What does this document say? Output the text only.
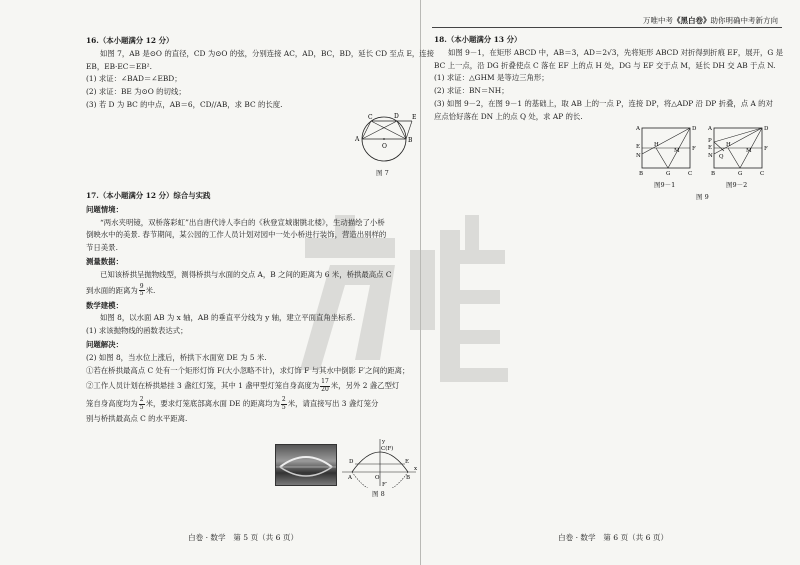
16.（本小题满分 12 分）

如图 7，AB 是⊙O 的直径，CD 为⊙O 的弦，分别连接 AC，AD，BC，BD，延长 CD 至点 E，连接

EB，EB·EC＝EB².

(1) 求证：∠BAD＝∠EBD；

(2) 求证：BE 为⊙O 的切线；

(3) 若 D 为 BC 的中点，AB＝6，CD//AB，求 BC 的长度.

C	D E
A	B
O
图 7

17.（本小题满分 12 分）综合与实践

问题情境：

“两水夹明镜，双桥落彩虹”出自唐代诗人李白的《秋登宣城谢朓北楼》，生动描绘了小桥

倒映水中的美景. 春节期间，某公园的工作人员计划对园中一处小桥进行装饰，营造出别样的

节日美景.

测量数据：

已知该桥拱呈抛物线型，测得桥拱与水面的交点 A，B 之间的距离为 6 米，桥拱最高点 C

到水面的距离为 $\frac{9}{5}$ 米.

数学建模：

如图 8，以水面 AB 为 x 轴，AB 的垂直平分线为 y 轴，建立平面直角坐标系.

(1) 求该抛物线的函数表达式；

问题解决：

(2) 如图 8，当水位上涨后，桥拱下水面宽 DE 为 5 米.

①若在桥拱最高点 C 处有一个矩形灯饰 F(大小忽略不计)，求灯饰 F 与其水中倒影 F′之间的距离；

②工作人员计划在桥拱悬挂 3 盏红灯笼，其中 1 盏甲型灯笼自身高度为 $\frac{17}{20}$ 米，另外 2 盏乙型灯

笼自身高度均为 $\frac{2}{5}$ 米，要求灯笼底部离水面 DE 的距离均为 $\frac{2}{5}$ 米，请直接写出 3 盏灯笼分

别与桥拱最高点 C 的水平距离.

y
x
C(F)
D	E
A	O	B
F′
图 8
白卷 · 数学　第 5 页（共 6 页）
万唯中考《黑白卷》助你明确中考新方向

18.（本小题满分 13 分）

如图 9－1，在矩形 ABCD 中，AB＝3，AD＝2√3，先将矩形 ABCD 对折得到折痕 EF，展开，G 是

BC 上一点，沿 DG 折叠使点 C 落在 EF 上的点 H 处，DG 与 EF 交于点 M，延长 DH 交 AB 于点 N.

(1) 求证：△GHM 是等边三角形；

(2) 求证：BN＝NH；

(3) 如图 9－2，在图 9－1 的基础上，取 AB 上的一点 P，连接 DP，将△ADP 沿 DP 折叠，点 A 的对

应点恰好落在 DN 上的点 Q 处，求 AP 的长.

A	D
E	F
H
M
N
B	G	C
图9－1
A	D
P
E	F
H
M
N Q
B	G	C
图9－2
图 9
白卷 · 数学　第 6 页（共 6 页）
